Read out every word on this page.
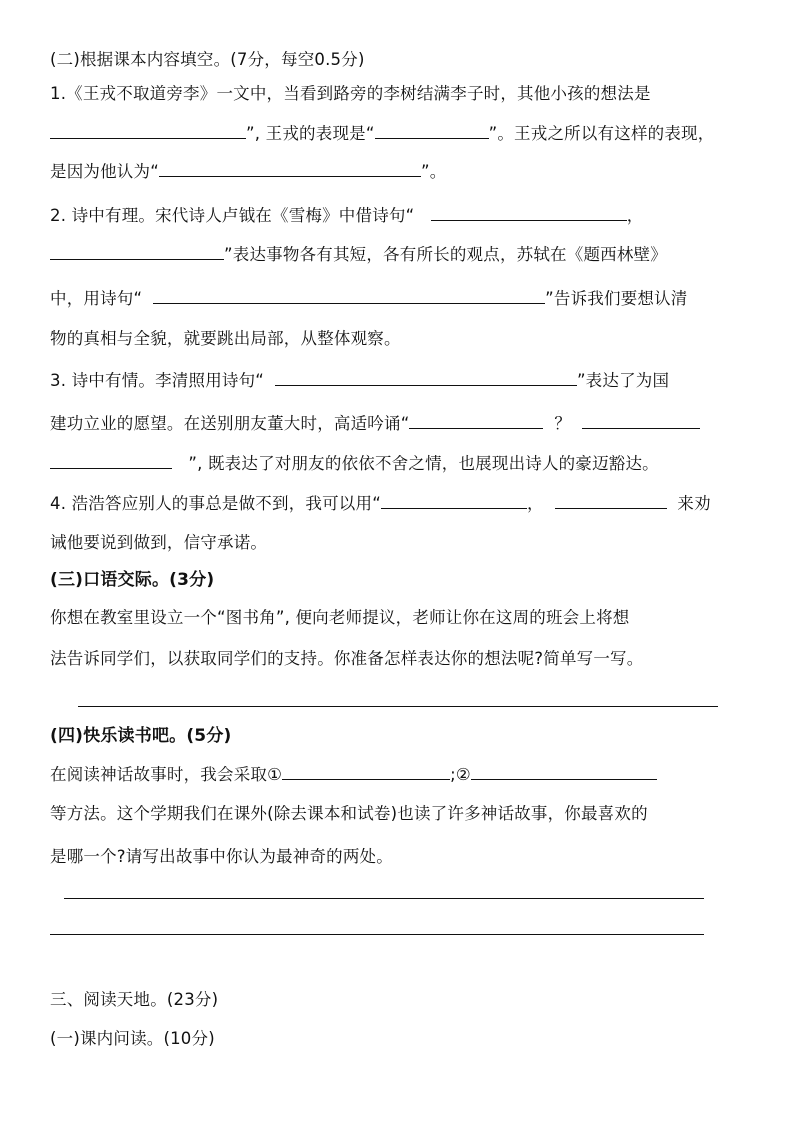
(二)根据课本内容填空。(7分，每空0.5分)
1.《王戎不取道旁李》一文中，当看到路旁的李树结满李子时，其他小孩的想法是
”, 王戎的表现是“	”。王戎之所以有这样的表现，
是因为他认为“	”。
2. 诗中有理。宋代诗人卢钺在《雪梅》中借诗句“	，
”表达事物各有其短，各有所长的观点，苏轼在《题西林壁》
中，用诗句“	”告诉我们要想认清
物的真相与全貌，就要跳出局部，从整体观察。
3. 诗中有情。李清照用诗句“	”表达了为国
建功立业的愿望。在送别朋友董大时，高适吟诵“	？
”, 既表达了对朋友的依依不舍之情，也展现出诗人的豪迈豁达。
4. 浩浩答应别人的事总是做不到，我可以用“	，	来劝
诫他要说到做到，信守承诺。
(三)口语交际。(3分)
你想在教室里设立一个“图书角”, 便向老师提议，老师让你在这周的班会上将想
法告诉同学们，以获取同学们的支持。你准备怎样表达你的想法呢?简单写一写。
(四)快乐读书吧。(5分)
在阅读神话故事时，我会采取①	;②
等方法。这个学期我们在课外(除去课本和试卷)也读了许多神话故事，你最喜欢的
是哪一个?请写出故事中你认为最神奇的两处。
三、阅读天地。(23分)
(一)课内问读。(10分)
